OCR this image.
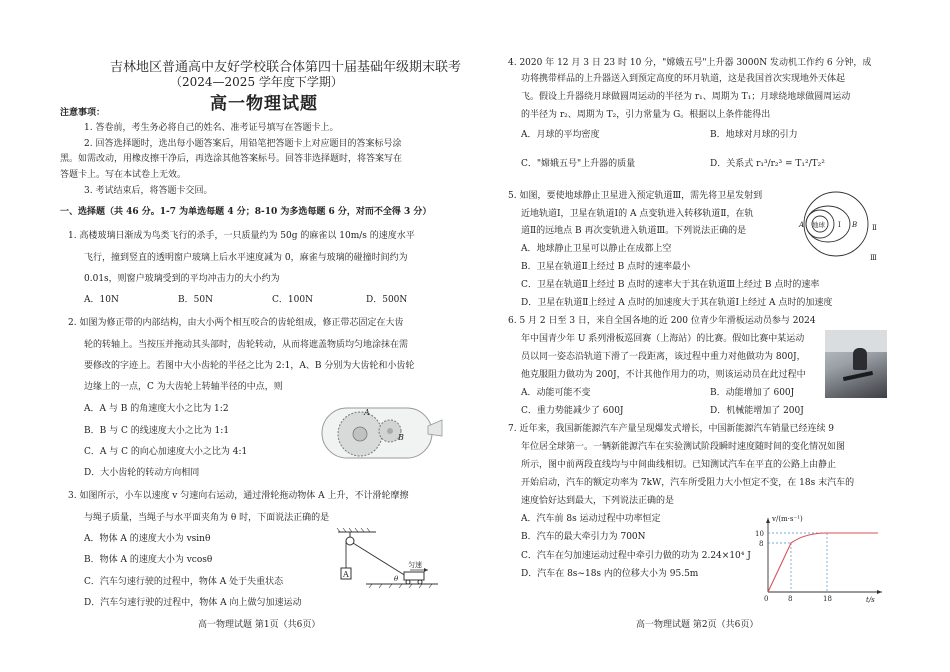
吉林地区普通高中友好学校联合体第四十届基础年级期末联考

（2024—2025 学年度下学期）

高一物理试题

注意事项：

1. 答卷前，考生务必将自己的姓名、准考证号填写在答题卡上。

2. 回答选择题时，选出每小题答案后，用铅笔把答题卡上对应题目的答案标号涂

黑。如需改动，用橡皮擦干净后，再选涂其他答案标号。回答非选择题时，将答案写在

答题卡上。写在本试卷上无效。

3. 考试结束后，将答题卡交回。

一、选择题（共 46 分。1-7 为单选每题 4 分；8-10 为多选每题 6 分，对而不全得 3 分）

1. 高楼玻璃日渐成为鸟类飞行的杀手，一只质量约为 50g 的麻雀以 10m/s 的速度水平

飞行，撞到竖直的透明窗户玻璃上后水平速度减为 0，麻雀与玻璃的碰撞时间约为

0.01s，则窗户玻璃受到的平均冲击力的大小约为

A．10N	B．50N	C．100N	D．500N

2. 如图为修正带的内部结构，由大小两个相互咬合的齿轮组成，修正带芯固定在大齿

轮的转轴上。当按压并拖动其头部时，齿轮转动，从而将遮盖物质均匀地涂抹在需

要修改的字迹上。若图中大小齿轮的半径之比为 2:1，A、B 分别为大齿轮和小齿轮

边缘上的一点，C 为大齿轮上转轴半径的中点，则

A．A 与 B 的角速度大小之比为 1:2

B．B 与 C 的线速度大小之比为 1:1

C．A 与 C 的向心加速度大小之比为 4:1

D．大小齿轮的转动方向相同

A
B

3. 如图所示，小车以速度 v 匀速向右运动，通过滑轮拖动物体 A 上升，不计滑轮摩擦

与绳子质量，当绳子与水平面夹角为 θ 时，下面说法正确的是

A．物体 A 的速度大小为 vsinθ

B．物体 A 的速度大小为 vcosθ

C．汽车匀速行驶的过程中，物体 A 处于失重状态

D．汽车匀速行驶的过程中，物体 A 向上做匀加速运动

A	θ
匀速

高一物理试题 第1页（共6页）

4. 2020 年 12 月 3 日 23 时 10 分，"嫦娥五号"上升器 3000N 发动机工作约 6 分钟，成

功将携带样品的上升器送入到预定高度的环月轨道，这是我国首次实现地外天体起

飞。假设上升器绕月球做圆周运动的半径为 r₁、周期为 T₁；月球绕地球做圆周运动

的半径为 r₂、周期为 T₂，引力常量为 G。根据以上条件能得出

A．月球的平均密度	B．地球对月球的引力

C．"嫦娥五号"上升器的质量	D．关系式 r₁³/r₂³ = T₁²/T₂²

5. 如图，要使地球静止卫星进入预定轨道Ⅲ，需先将卫星发射到

近地轨道Ⅰ，卫星在轨道Ⅰ的 A 点变轨进入转移轨道Ⅱ，在轨

道Ⅱ的远地点 B 再次变轨进入轨道Ⅲ。下列说法正确的是

A．地球静止卫星可以静止在成都上空

B．卫星在轨道Ⅱ上经过 B 点时的速率最小

C．卫星在轨道Ⅱ上经过 B 点时的速率大于其在轨道Ⅲ上经过 B 点时的速率

D．卫星在轨道Ⅱ上经过 A 点时的加速度大于其在轨道Ⅰ上经过 A 点时的加速度

地球
A	B
Ⅰ	Ⅱ
Ⅲ

6. 5 月 2 日至 3 日，来自全国各地的近 200 位青少年滑板运动员参与 2024

年中国青少年 U 系列滑板巡回赛（上海站）的比赛。假如比赛中某运动

员以同一姿态沿轨道下滑了一段距离，该过程中重力对他做功为 800J，

他克服阻力做功为 200J，不计其他作用力的功，则该运动员在此过程中

A．动能可能不变	B．动能增加了 600J

C．重力势能减少了 600J	D．机械能增加了 200J

7. 近年来，我国新能源汽车产量呈现爆发式增长，中国新能源汽车销量已经连续 9

年位居全球第一。一辆新能源汽车在实验测试阶段瞬时速度随时间的变化情况如图

所示，图中前两段直线均与中间曲线相切。已知测试汽车在平直的公路上由静止

开始启动，汽车的额定功率为 7kW，汽车所受阻力大小恒定不变，在 18s 末汽车的

速度恰好达到最大，下列说法正确的是

A．汽车前 8s 运动过程中功率恒定

B．汽车的最大牵引力为 700N

C．汽车在匀加速运动过程中牵引力做的功为 2.24×10⁴ J

D．汽车在 8s~18s 内的位移大小为 95.5m

v/(m·s⁻¹)
t/s
10
8
0	8	18

高一物理试题 第2页（共6页）
